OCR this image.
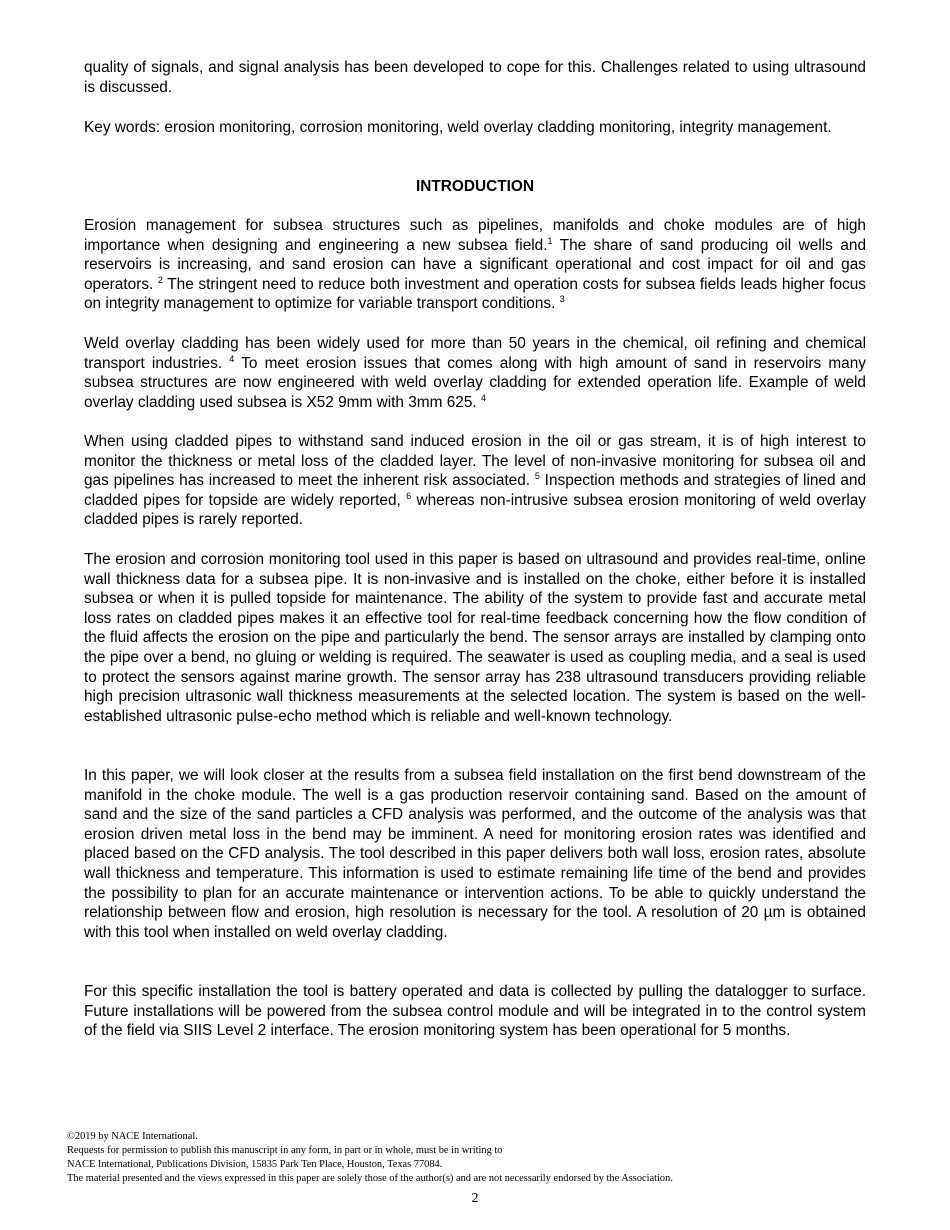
quality of signals, and signal analysis has been developed to cope for this. Challenges related to using ultrasound is discussed.

Key words: erosion monitoring, corrosion monitoring, weld overlay cladding monitoring, integrity management.

INTRODUCTION

Erosion management for subsea structures such as pipelines, manifolds and choke modules are of high importance when designing and engineering a new subsea field.$^1$ The share of sand producing oil wells and reservoirs is increasing, and sand erosion can have a significant operational and cost impact for oil and gas operators. $^2$ The stringent need to reduce both investment and operation costs for subsea fields leads higher focus on integrity management to optimize for variable transport conditions. $^3$

Weld overlay cladding has been widely used for more than 50 years in the chemical, oil refining and chemical transport industries. $^4$ To meet erosion issues that comes along with high amount of sand in reservoirs many subsea structures are now engineered with weld overlay cladding for extended operation life. Example of weld overlay cladding used subsea is X52 9mm with 3mm 625. $^4$

When using cladded pipes to withstand sand induced erosion in the oil or gas stream, it is of high interest to monitor the thickness or metal loss of the cladded layer. The level of non-invasive monitoring for subsea oil and gas pipelines has increased to meet the inherent risk associated. $^5$ Inspection methods and strategies of lined and cladded pipes for topside are widely reported, $^6$ whereas non-intrusive subsea erosion monitoring of weld overlay cladded pipes is rarely reported.

The erosion and corrosion monitoring tool used in this paper is based on ultrasound and provides real-time, online wall thickness data for a subsea pipe. It is non-invasive and is installed on the choke, either before it is installed subsea or when it is pulled topside for maintenance. The ability of the system to provide fast and accurate metal loss rates on cladded pipes makes it an effective tool for real-time feedback concerning how the flow condition of the fluid affects the erosion on the pipe and particularly the bend. The sensor arrays are installed by clamping onto the pipe over a bend, no gluing or welding is required. The seawater is used as coupling media, and a seal is used to protect the sensors against marine growth. The sensor array has 238 ultrasound transducers providing reliable high precision ultrasonic wall thickness measurements at the selected location. The system is based on the well-established ultrasonic pulse-echo method which is reliable and well-known technology.

In this paper, we will look closer at the results from a subsea field installation on the first bend downstream of the manifold in the choke module. The well is a gas production reservoir containing sand. Based on the amount of sand and the size of the sand particles a CFD analysis was performed, and the outcome of the analysis was that erosion driven metal loss in the bend may be imminent. A need for monitoring erosion rates was identified and placed based on the CFD analysis. The tool described in this paper delivers both wall loss, erosion rates, absolute wall thickness and temperature. This information is used to estimate remaining life time of the bend and provides the possibility to plan for an accurate maintenance or intervention actions. To be able to quickly understand the relationship between flow and erosion, high resolution is necessary for the tool. A resolution of 20 µm is obtained with this tool when installed on weld overlay cladding.

For this specific installation the tool is battery operated and data is collected by pulling the datalogger to surface. Future installations will be powered from the subsea control module and will be integrated in to the control system of the field via SIIS Level 2 interface. The erosion monitoring system has been operational for 5 months.

©2019 by NACE International.
Requests for permission to publish this manuscript in any form, in part or in whole, must be in writing to
NACE International, Publications Division, 15835 Park Ten Place, Houston, Texas 77084.
The material presented and the views expressed in this paper are solely those of the author(s) and are not necessarily endorsed by the Association.
2
